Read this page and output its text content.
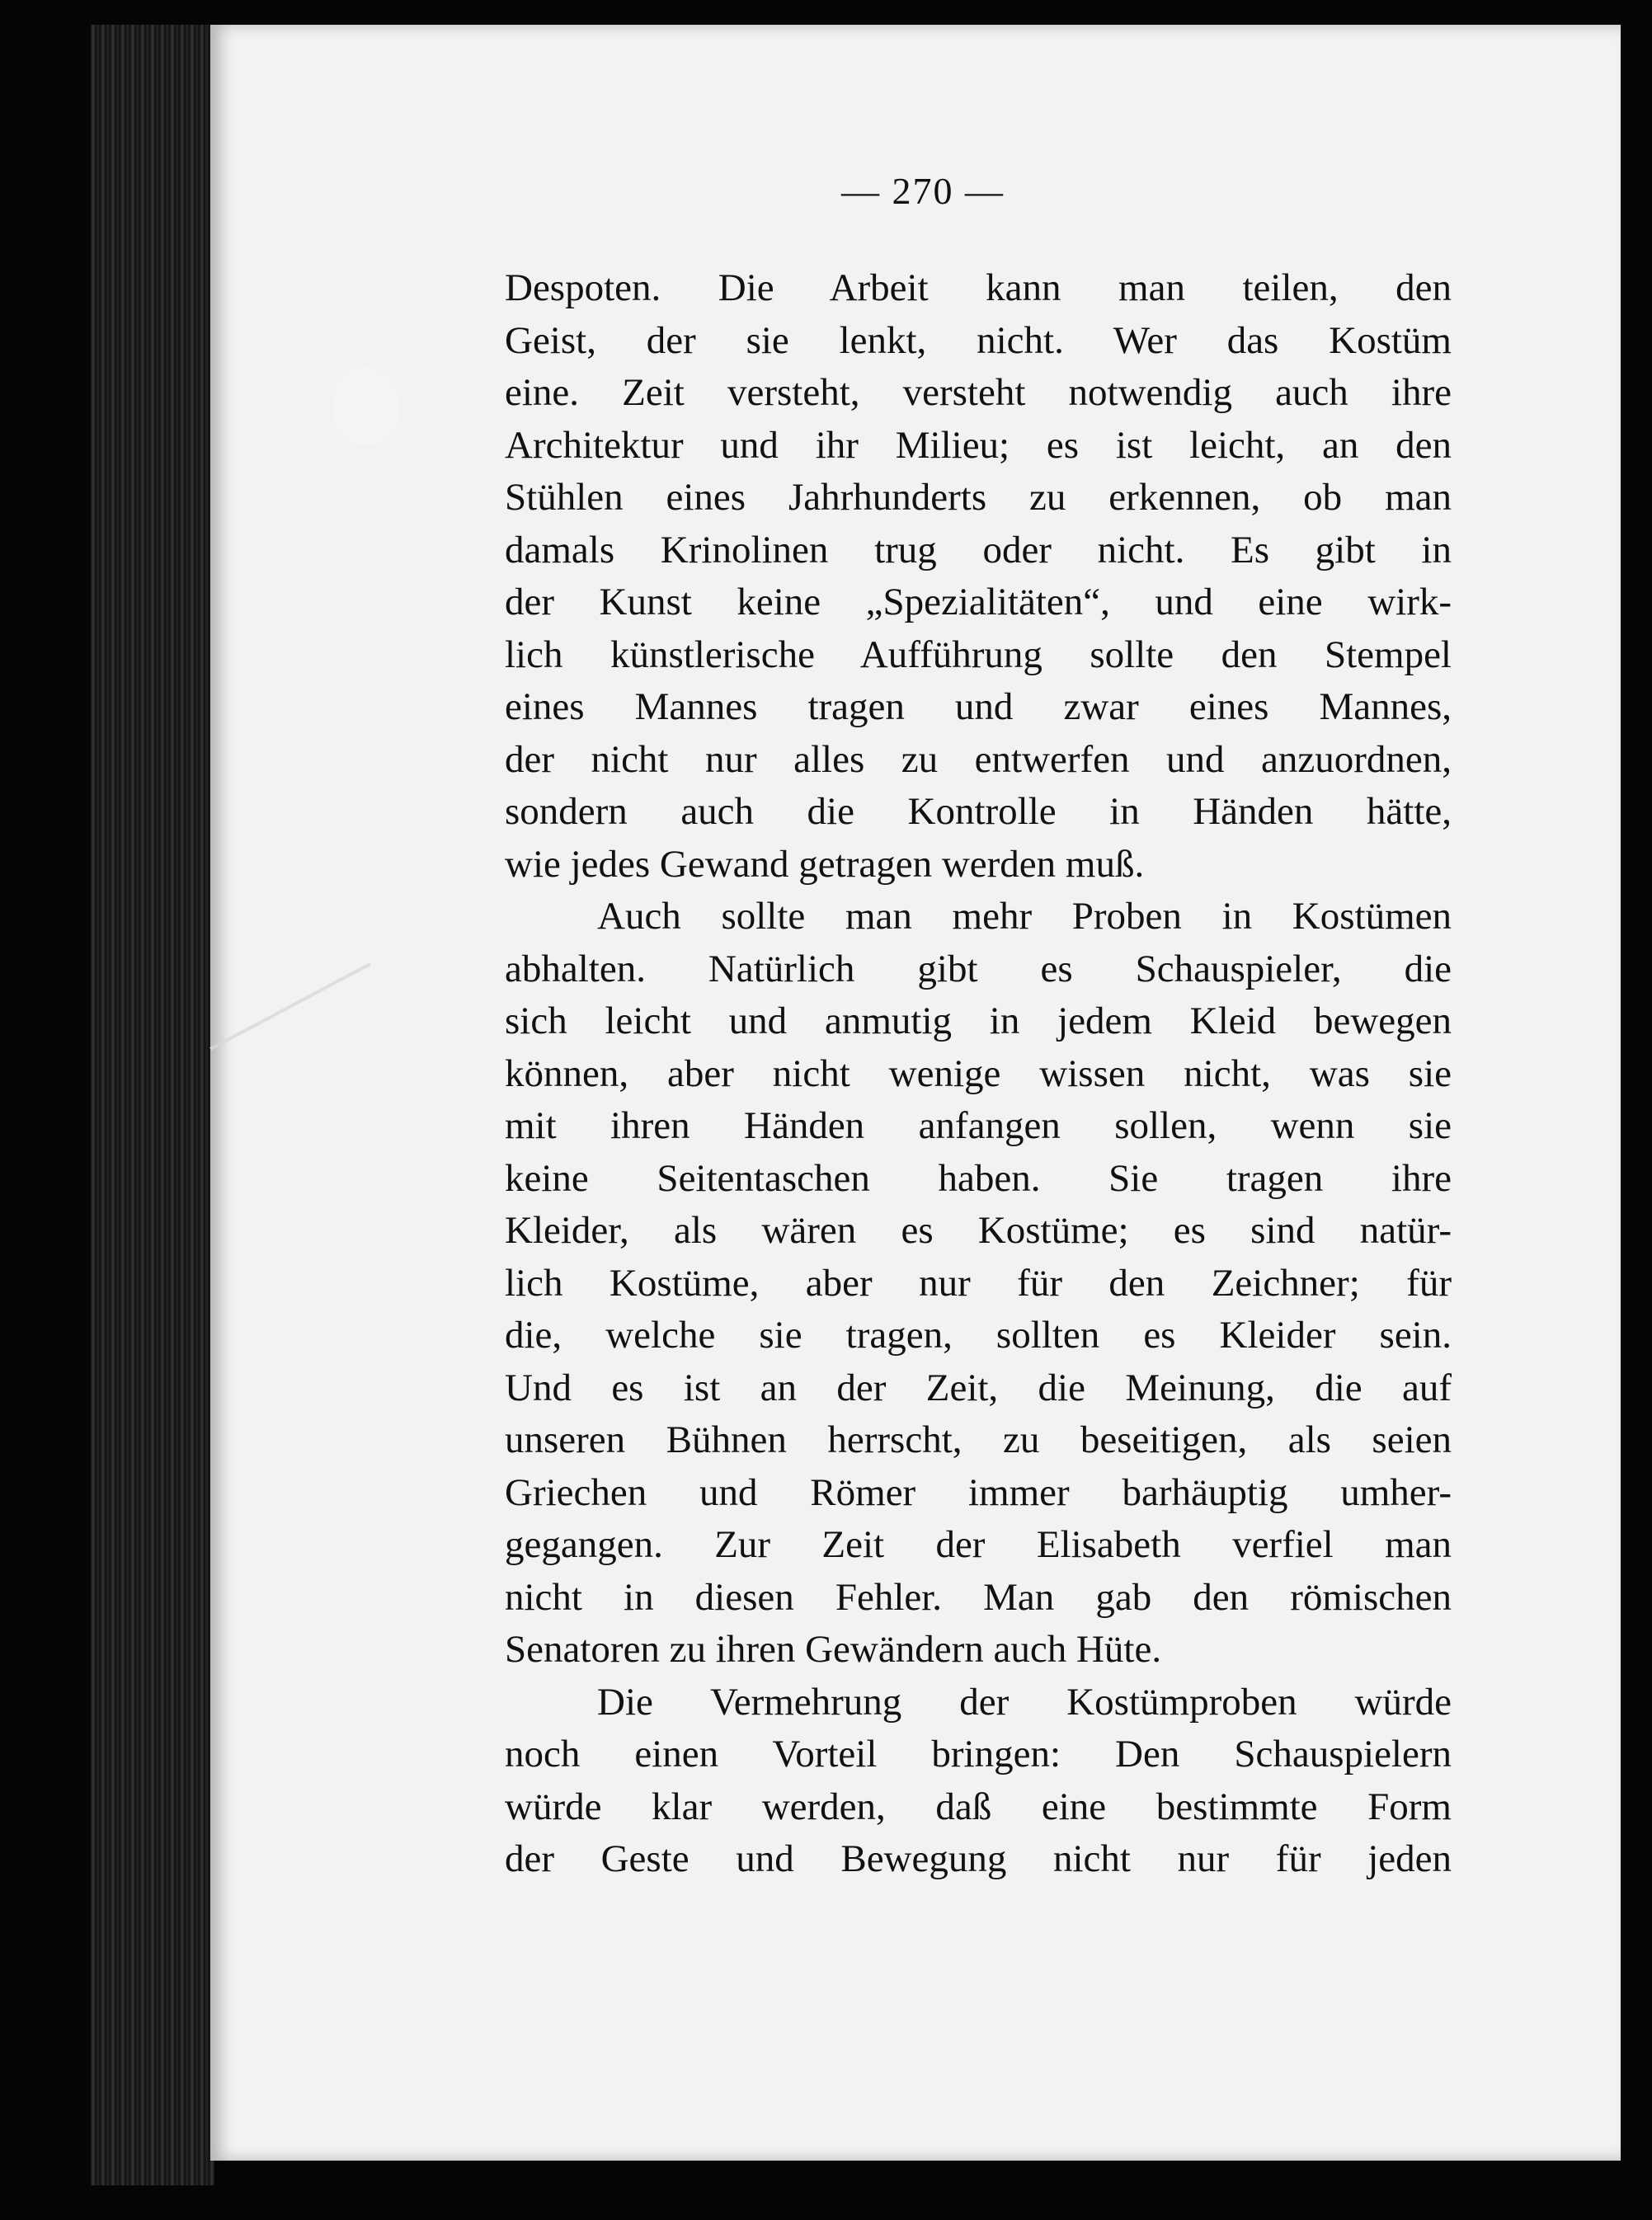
— 270 —
Despoten. Die Arbeit kann man teilen, den
Geist, der sie lenkt, nicht. Wer das Kostüm
eine. Zeit versteht, versteht notwendig auch ihre
Architektur und ihr Milieu; es ist leicht, an den
Stühlen eines Jahrhunderts zu erkennen, ob man
damals Krinolinen trug oder nicht. Es gibt in
der Kunst keine „Spezialitäten“, und eine wirk-
lich künstlerische Aufführung sollte den Stempel
eines Mannes tragen und zwar eines Mannes,
der nicht nur alles zu entwerfen und anzuordnen,
sondern auch die Kontrolle in Händen hätte,
wie jedes Gewand getragen werden muß.
Auch sollte man mehr Proben in Kostümen
abhalten. Natürlich gibt es Schauspieler, die
sich leicht und anmutig in jedem Kleid bewegen
können, aber nicht wenige wissen nicht, was sie
mit ihren Händen anfangen sollen, wenn sie
keine Seitentaschen haben. Sie tragen ihre
Kleider, als wären es Kostüme; es sind natür-
lich Kostüme, aber nur für den Zeichner; für
die, welche sie tragen, sollten es Kleider sein.
Und es ist an der Zeit, die Meinung, die auf
unseren Bühnen herrscht, zu beseitigen, als seien
Griechen und Römer immer barhäuptig umher-
gegangen. Zur Zeit der Elisabeth verfiel man
nicht in diesen Fehler. Man gab den römischen
Senatoren zu ihren Gewändern auch Hüte.
Die Vermehrung der Kostümproben würde
noch einen Vorteil bringen: Den Schauspielern
würde klar werden, daß eine bestimmte Form
der Geste und Bewegung nicht nur für jeden
